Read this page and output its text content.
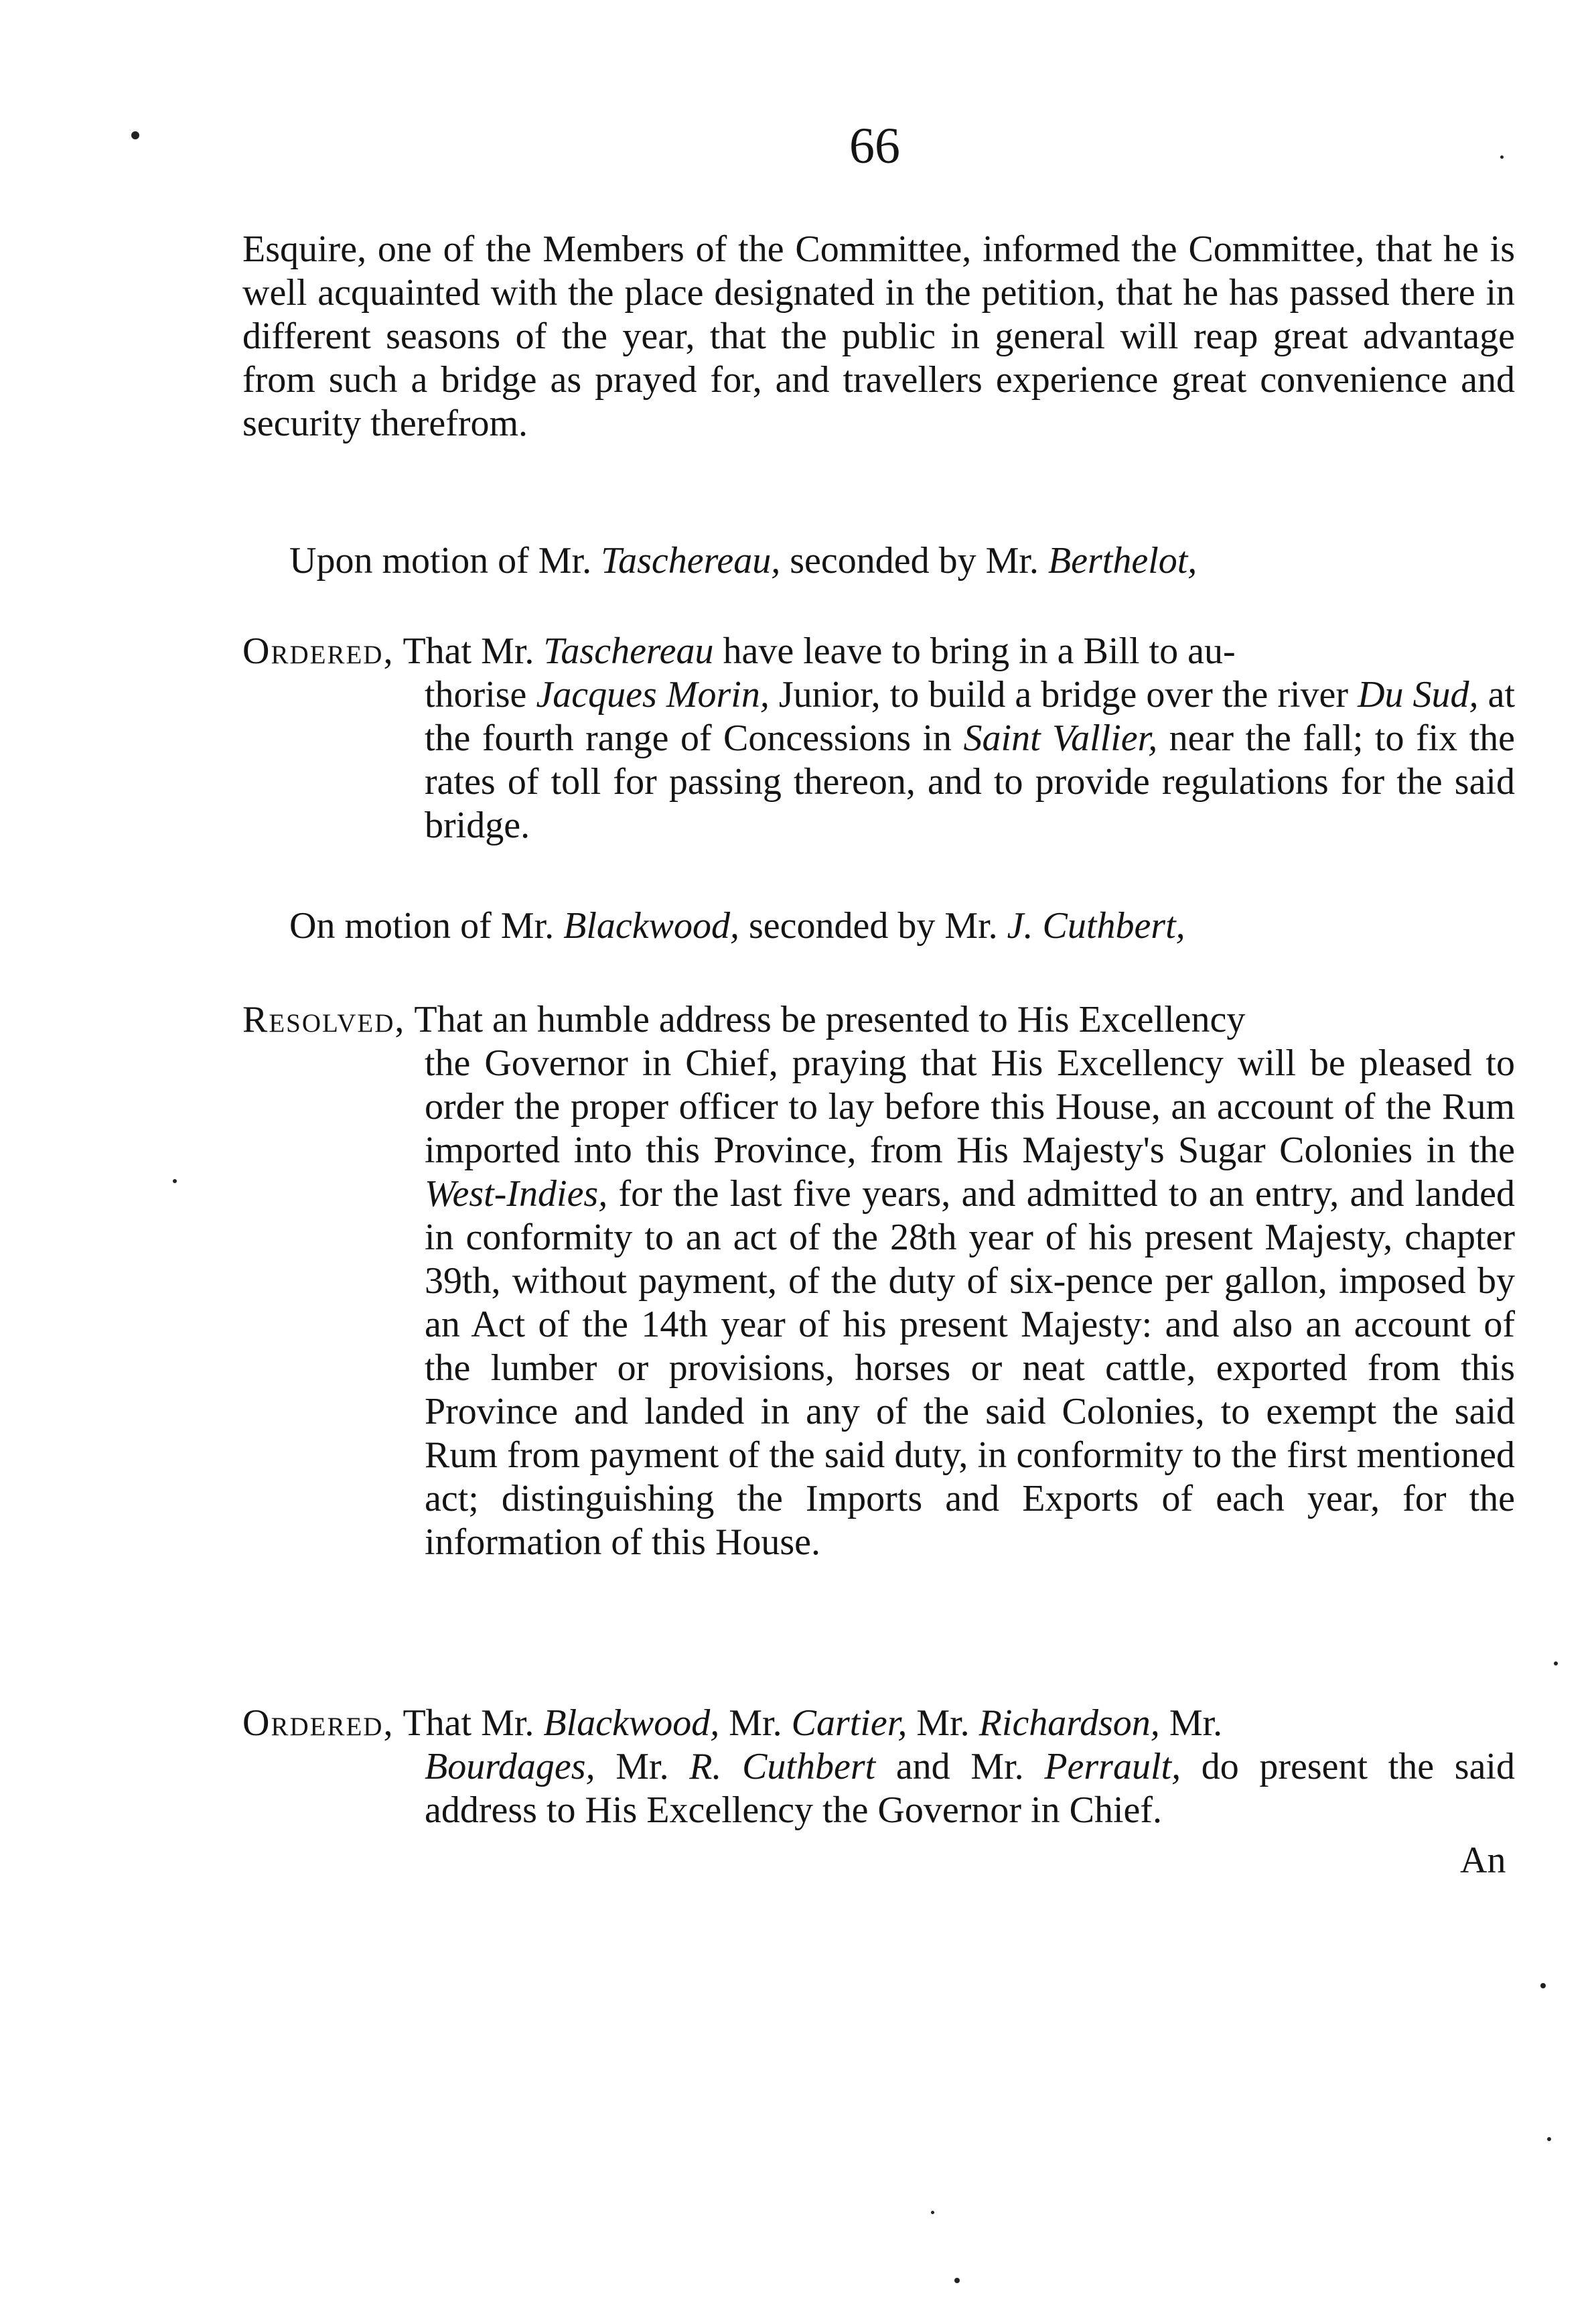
66
Esquire, one of the Members of the Committee, informed the Committee, that he is well acquainted with the place designated in the petition, that he has passed there in different seasons of the year, that the public in general will reap great advantage from such a bridge as prayed for, and travellers experience great convenience and security therefrom.
Upon motion of Mr. Taschereau, seconded by Mr. Berthelot,
Ordered, That Mr. Taschereau have leave to bring in a Bill to au-
thorise Jacques Morin, Junior, to build a bridge over the river Du Sud, at the fourth range of Concessions in Saint Vallier, near the fall; to fix the rates of toll for passing thereon, and to provide regulations for the said bridge.
On motion of Mr. Blackwood, seconded by Mr. J. Cuthbert,
Resolved, That an humble address be presented to His Excellency
the Governor in Chief, praying that His Excellency will be pleased to order the proper officer to lay before this House, an account of the Rum imported into this Province, from His Majesty's Sugar Colonies in the West-Indies, for the last five years, and admitted to an entry, and landed in conformity to an act of the 28th year of his present Majesty, chapter 39th, without payment, of the duty of six-pence per gallon, imposed by an Act of the 14th year of his present Majesty: and also an account of the lumber or provisions, horses or neat cattle, exported from this Province and landed in any of the said Colonies, to exempt the said Rum from payment of the said duty, in conformity to the first mentioned act; distinguishing the Imports and Exports of each year, for the information of this House.
Ordered, That Mr. Blackwood, Mr. Cartier, Mr. Richardson, Mr.
Bourdages, Mr. R. Cuthbert and Mr. Perrault, do present the said address to His Excellency the Governor in Chief.
An
